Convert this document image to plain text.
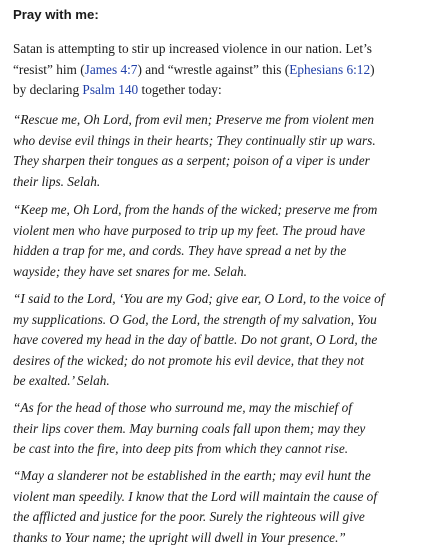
Pray with me:

Satan is attempting to stir up increased violence in our nation. Let’s
“resist” him (James 4:7) and “wrestle against” this (Ephesians 6:12)
by declaring Psalm 140 together today:

“Rescue me, Oh Lord, from evil men; Preserve me from violent men
who devise evil things in their hearts; They continually stir up wars.
They sharpen their tongues as a serpent; poison of a viper is under
their lips. Selah.

“Keep me, Oh Lord, from the hands of the wicked; preserve me from
violent men who have purposed to trip up my feet. The proud have
hidden a trap for me, and cords. They have spread a net by the
wayside; they have set snares for me. Selah.

“I said to the Lord, ‘You are my God; give ear, O Lord, to the voice of
my supplications. O God, the Lord, the strength of my salvation, You
have covered my head in the day of battle. Do not grant, O Lord, the
desires of the wicked; do not promote his evil device, that they not
be exalted.’ Selah.

“As for the head of those who surround me, may the mischief of
their lips cover them. May burning coals fall upon them; may they
be cast into the fire, into deep pits from which they cannot rise.

“May a slanderer not be established in the earth; may evil hunt the
violent man speedily. I know that the Lord will maintain the cause of
the afflicted and justice for the poor. Surely the righteous will give
thanks to Your name; the upright will dwell in Your presence.”
